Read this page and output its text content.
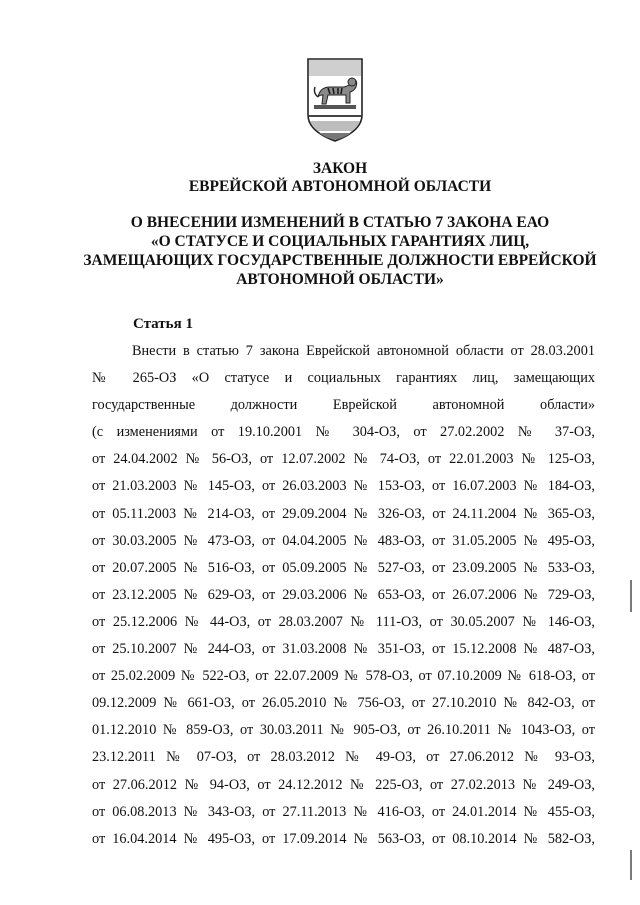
ЗАКОН
ЕВРЕЙСКОЙ АВТОНОМНОЙ ОБЛАСТИ
О ВНЕСЕНИИ ИЗМЕНЕНИЙ В СТАТЬЮ 7 ЗАКОНА ЕАО
«О СТАТУСЕ И СОЦИАЛЬНЫХ ГАРАНТИЯХ ЛИЦ,
ЗАМЕЩАЮЩИХ ГОСУДАРСТВЕННЫЕ ДОЛЖНОСТИ ЕВРЕЙСКОЙ
АВТОНОМНОЙ ОБЛАСТИ»
Статья 1
Внести в статью 7 закона Еврейской автономной области от 28.03.2001
№ 265-ОЗ «О статусе и социальных гарантиях лиц, замещающих
государственные должности Еврейской автономной области»
(с изменениями от 19.10.2001 № 304-ОЗ, от 27.02.2002 № 37-ОЗ,
от 24.04.2002 № 56-ОЗ, от 12.07.2002 № 74-ОЗ, от 22.01.2003 № 125-ОЗ,
от 21.03.2003 № 145-ОЗ, от 26.03.2003 № 153-ОЗ, от 16.07.2003 № 184-ОЗ,
от 05.11.2003 № 214-ОЗ, от 29.09.2004 № 326-ОЗ, от 24.11.2004 № 365-ОЗ,
от 30.03.2005 № 473-ОЗ, от 04.04.2005 № 483-ОЗ, от 31.05.2005 № 495-ОЗ,
от 20.07.2005 № 516-ОЗ, от 05.09.2005 № 527-ОЗ, от 23.09.2005 № 533-ОЗ,
от 23.12.2005 № 629-ОЗ, от 29.03.2006 № 653-ОЗ, от 26.07.2006 № 729-ОЗ,
от 25.12.2006 № 44-ОЗ, от 28.03.2007 № 111-ОЗ, от 30.05.2007 № 146-ОЗ,
от 25.10.2007 № 244-ОЗ, от 31.03.2008 № 351-ОЗ, от 15.12.2008 № 487-ОЗ,
от 25.02.2009 № 522-ОЗ, от 22.07.2009 № 578-ОЗ, от 07.10.2009 № 618-ОЗ, от
09.12.2009 № 661-ОЗ, от 26.05.2010 № 756-ОЗ, от 27.10.2010 № 842-ОЗ, от
01.12.2010 № 859-ОЗ, от 30.03.2011 № 905-ОЗ, от 26.10.2011 № 1043-ОЗ, от
23.12.2011 № 07-ОЗ, от 28.03.2012 № 49-ОЗ, от 27.06.2012 № 93-ОЗ,
от 27.06.2012 № 94-ОЗ, от 24.12.2012 № 225-ОЗ, от 27.02.2013 № 249-ОЗ,
от 06.08.2013 № 343-ОЗ, от 27.11.2013 № 416-ОЗ, от 24.01.2014 № 455-ОЗ,
от 16.04.2014 № 495-ОЗ, от 17.09.2014 № 563-ОЗ, от 08.10.2014 № 582-ОЗ,
